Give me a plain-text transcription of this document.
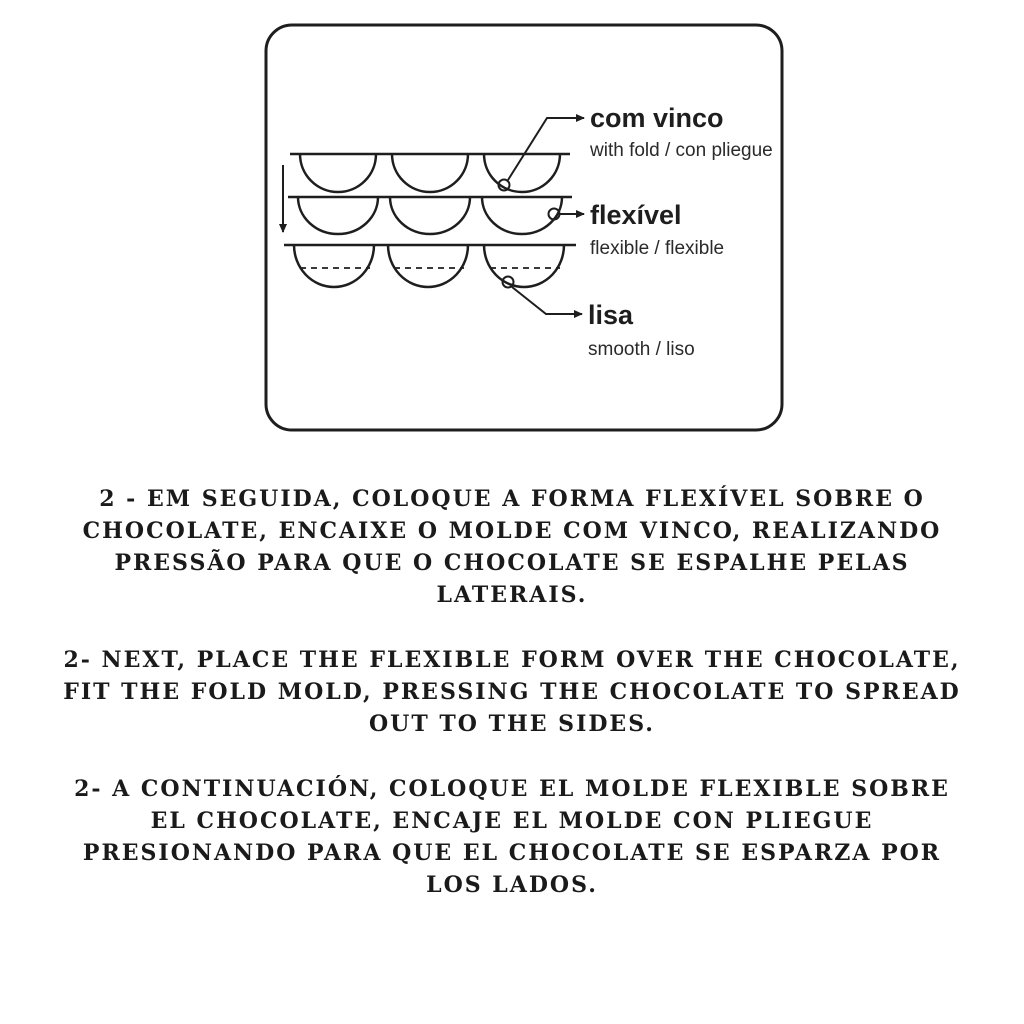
com vinco
with fold / con pliegue
flexível
flexible / flexible
lisa
smooth / liso

2 - EM SEGUIDA, COLOQUE A FORMA FLEXÍVEL SOBRE O CHOCOLATE, ENCAIXE O MOLDE COM VINCO, REALIZANDO PRESSÃO PARA QUE O CHOCOLATE SE ESPALHE PELAS LATERAIS.

2- NEXT, PLACE THE FLEXIBLE FORM OVER THE CHOCOLATE, FIT THE FOLD MOLD, PRESSING THE CHOCOLATE TO SPREAD OUT TO THE SIDES.

2- A CONTINUACIÓN, COLOQUE EL MOLDE FLEXIBLE SOBRE EL CHOCOLATE, ENCAJE EL MOLDE CON PLIEGUE PRESIONANDO PARA QUE EL CHOCOLATE SE ESPARZA POR LOS LADOS.
